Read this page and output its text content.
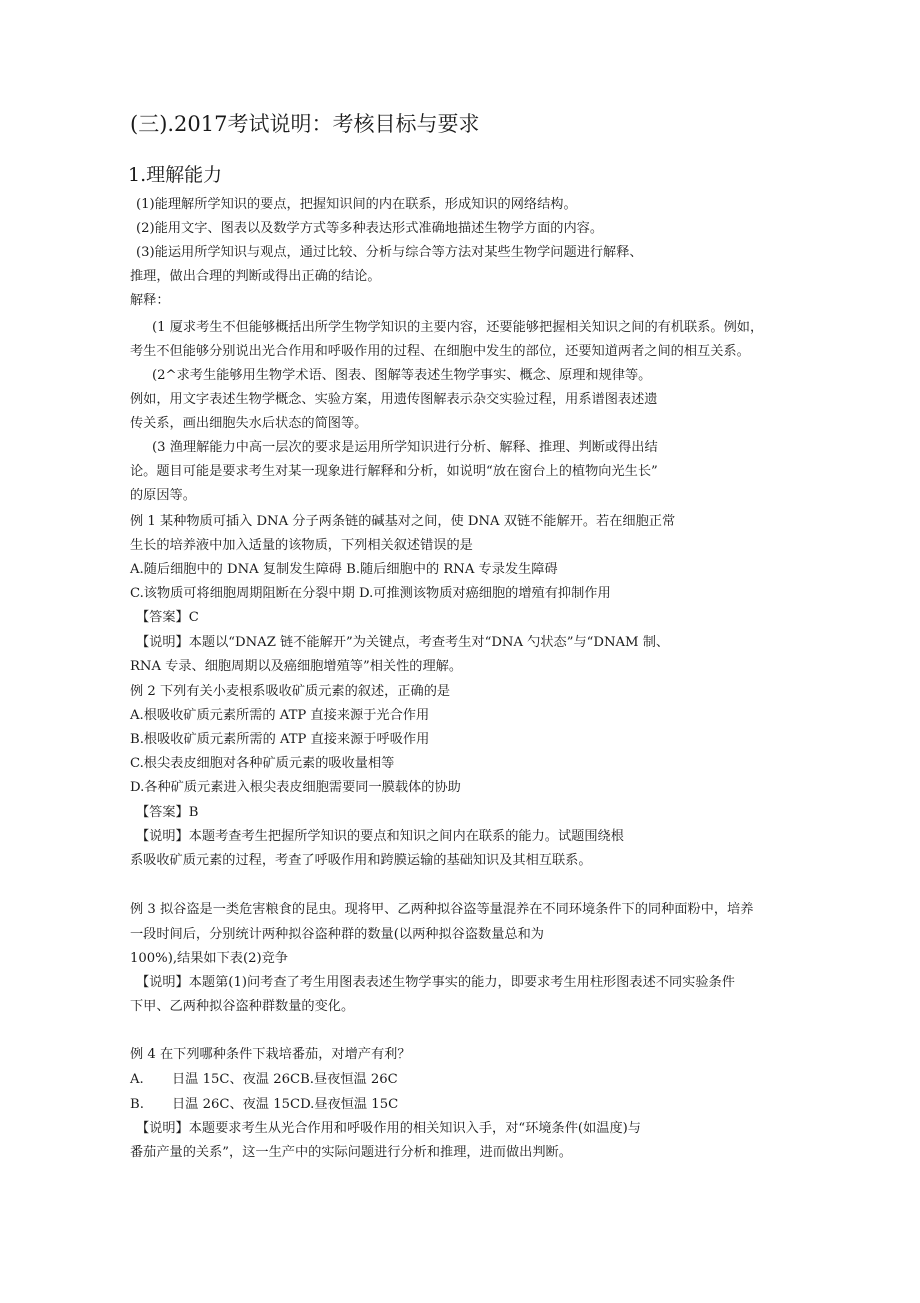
(三).2017考试说明：考核目标与要求
1.理解能力
(1)能理解所学知识的要点，把握知识间的内在联系，形成知识的网络结构。
(2)能用文字、图表以及数学方式等多种表达形式准确地描述生物学方面的内容。
(3)能运用所学知识与观点，通过比较、分析与综合等方法对某些生物学问题进行解释、
推理，做出合理的判断或得出正确的结论。
解释：
(1 厦求考生不但能够概括出所学生物学知识的主要内容，还要能够把握相关知识之间的有机联系。例如，
考生不但能够分别说出光合作用和呼吸作用的过程、在细胞中发生的部位，还要知道两者之间的相互关系。
(2^求考生能够用生物学术语、图表、图解等表述生物学事实、概念、原理和规律等。
例如，用文字表述生物学概念、实验方案，用遗传图解表示杂交实验过程，用系谱图表述遗
传关系，画出细胞失水后状态的简图等。
(3 渔理解能力中高一层次的要求是运用所学知识进行分析、解释、推理、判断或得出结
论。题目可能是要求考生对某一现象进行解释和分析，如说明“放在窗台上的植物向光生长”
的原因等。
例 1 某种物质可插入 DNA 分子两条链的碱基对之间，使 DNA 双链不能解开。若在细胞正常
生长的培养液中加入适量的该物质，下列相关叙述错误的是
A.随后细胞中的 DNA 复制发生障碍 B.随后细胞中的 RNA 专录发生障碍
C.该物质可将细胞周期阻断在分裂中期 D.可推测该物质对癌细胞的增殖有抑制作用
【答案】C
【说明】本题以“DNAZ 链不能解开”为关键点，考查考生对“DNA 勺状态”与“DNAM 制、
RNA 专录、细胞周期以及癌细胞增殖等”相关性的理解。
例 2 下列有关小麦根系吸收矿质元素的叙述，正确的是
A.根吸收矿质元素所需的 ATP 直接来源于光合作用
B.根吸收矿质元素所需的 ATP 直接来源于呼吸作用
C.根尖表皮细胞对各种矿质元素的吸收量相等
D.各种矿质元素进入根尖表皮细胞需要同一膜载体的协助
【答案】B
【说明】本题考查考生把握所学知识的要点和知识之间内在联系的能力。试题围绕根
系吸收矿质元素的过程，考查了呼吸作用和跨膜运输的基础知识及其相互联系。
例 3 拟谷盗是一类危害粮食的昆虫。现将甲、乙两种拟谷盗等量混养在不同环境条件下的同种面粉中，培养
一段时间后，分别统计两种拟谷盗种群的数量(以两种拟谷盗数量总和为
100%),结果如下表(2)竞争
【说明】本题第(1)问考查了考生用图表表述生物学事实的能力，即要求考生用柱形图表述不同实验条件
下甲、乙两种拟谷盗种群数量的变化。
例 4 在下列哪种条件下栽培番茄，对增产有利？
A. 日温 15C、夜温 26CB.昼夜恒温 26C
B. 日温 26C、夜温 15CD.昼夜恒温 15C
【说明】本题要求考生从光合作用和呼吸作用的相关知识入手，对“环境条件(如温度)与
番茄产量的关系”，这一生产中的实际问题进行分析和推理，进而做出判断。
